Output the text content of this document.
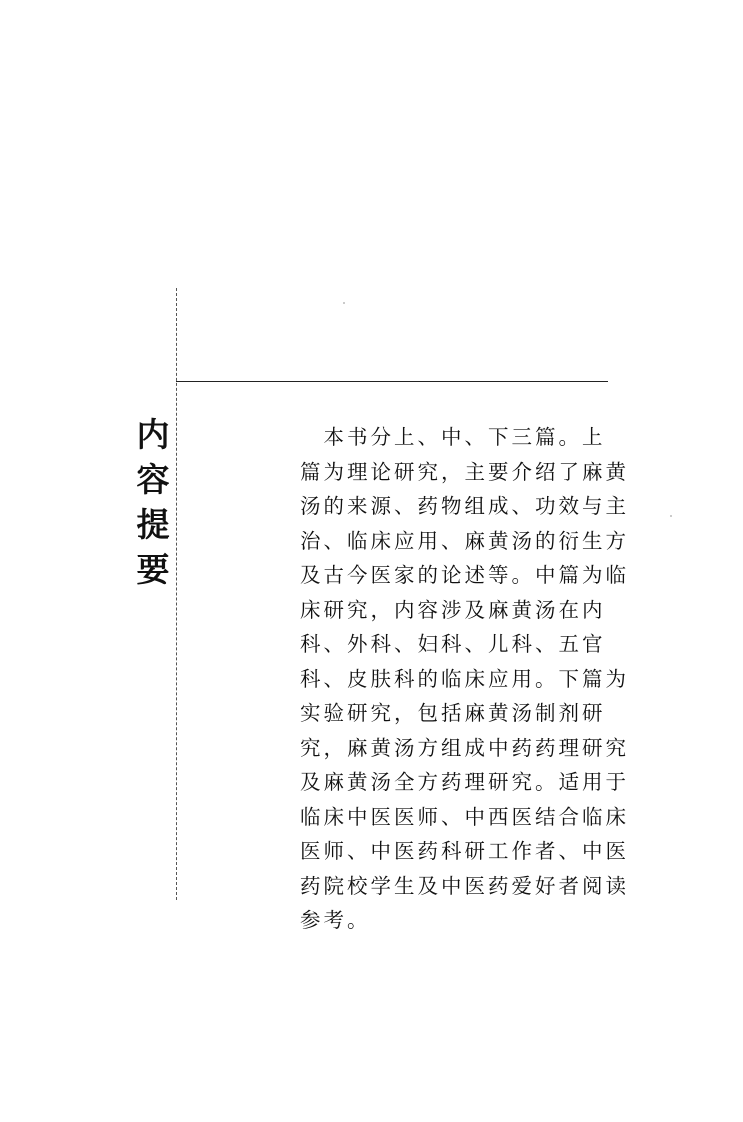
内
容
提
要
　本书分上、中、下三篇。上
篇为理论研究，主要介绍了麻黄
汤的来源、药物组成、功效与主
治、临床应用、麻黄汤的衍生方
及古今医家的论述等。中篇为临
床研究，内容涉及麻黄汤在内
科、外科、妇科、儿科、五官
科、皮肤科的临床应用。下篇为
实验研究，包括麻黄汤制剂研
究，麻黄汤方组成中药药理研究
及麻黄汤全方药理研究。适用于
临床中医医师、中西医结合临床
医师、中医药科研工作者、中医
药院校学生及中医药爱好者阅读
参考。
